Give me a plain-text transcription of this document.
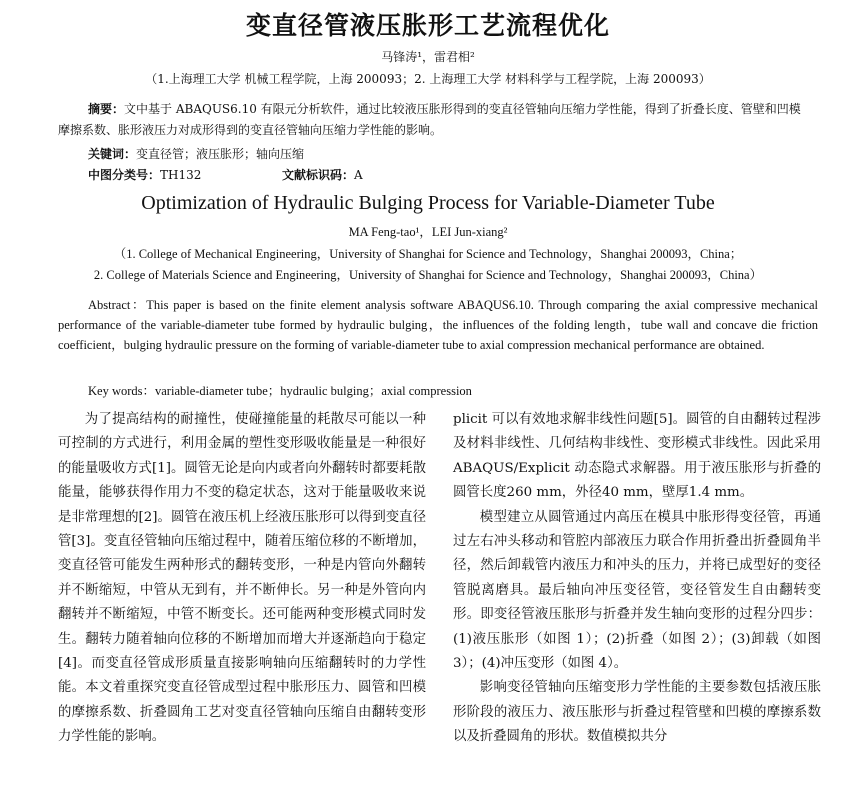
变直径管液压胀形工艺流程优化
马锋涛¹，雷君相²
（1.上海理工大学 机械工程学院，上海 200093；2. 上海理工大学 材料科学与工程学院，上海 200093）
摘要：文中基于 ABAQUS6.10 有限元分析软件，通过比较液压胀形得到的变直径管轴向压缩力学性能，得到了折叠长度、管壁和凹模摩擦系数、胀形液压力对成形得到的变直径管轴向压缩力学性能的影响。
关键词：变直径管；液压胀形；轴向压缩
中图分类号：TH132	文献标识码：A
Optimization of Hydraulic Bulging Process for Variable-Diameter Tube
MA Feng-tao¹，LEI Jun-xiang²
（1. College of Mechanical Engineering，University of Shanghai for Science and Technology，Shanghai 200093，China；
2. College of Materials Science and Engineering，University of Shanghai for Science and Technology，Shanghai 200093，China）
Abstract：This paper is based on the finite element analysis software ABAQUS6.10. Through comparing the axial compressive mechanical performance of the variable-diameter tube formed by hydraulic bulging，the influences of the folding length，tube wall and concave die friction coefficient，bulging hydraulic pressure on the forming of variable-diameter tube to axial compression mechanical performance are obtained.
Key words：variable-diameter tube；hydraulic bulging；axial compression

为了提高结构的耐撞性，使碰撞能量的耗散尽可能以一种可控制的方式进行，利用金属的塑性变形吸收能量是一种很好的能量吸收方式[1]。圆管无论是向内或者向外翻转时都要耗散能量，能够获得作用力不变的稳定状态，这对于能量吸收来说是非常理想的[2]。圆管在液压机上经液压胀形可以得到变直径管[3]。变直径管轴向压缩过程中，随着压缩位移的不断增加，变直径管可能发生两种形式的翻转变形，一种是内管向外翻转并不断缩短，中管从无到有，并不断伸长。另一种是外管向内翻转并不断缩短，中管不断变长。还可能两种变形模式同时发生。翻转力随着轴向位移的不断增加而增大并逐渐趋向于稳定[4]。而变直径管成形质量直接影响轴向压缩翻转时的力学性能。本文着重探究变直径管成型过程中胀形压力、圆管和凹模的摩擦系数、折叠圆角工艺对变直径管轴向压缩自由翻转变形力学性能的影响。

plicit 可以有效地求解非线性问题[5]。圆管的自由翻转过程涉及材料非线性、几何结构非线性、变形模式非线性。因此采用 ABAQUS/Explicit 动态隐式求解器。用于液压胀形与折叠的圆管长度260 mm，外径40 mm，壁厚1.4 mm。

模型建立从圆管通过内高压在模具中胀形得变径管，再通过左右冲头移动和管腔内部液压力联合作用折叠出折叠圆角半径，然后卸载管内液压力和冲头的压力，并将已成型好的变径管脱离磨具。最后轴向冲压变径管，变径管发生自由翻转变形。即变径管液压胀形与折叠并发生轴向变形的过程分四步：(1)液压胀形（如图 1）；(2)折叠（如图 2）；(3)卸载（如图 3）；(4)冲压变形（如图 4）。

影响变径管轴向压缩变形力学性能的主要参数包括液压胀形阶段的液压力、液压胀形与折叠过程管壁和凹模的摩擦系数以及折叠圆角的形状。数值模拟共分
